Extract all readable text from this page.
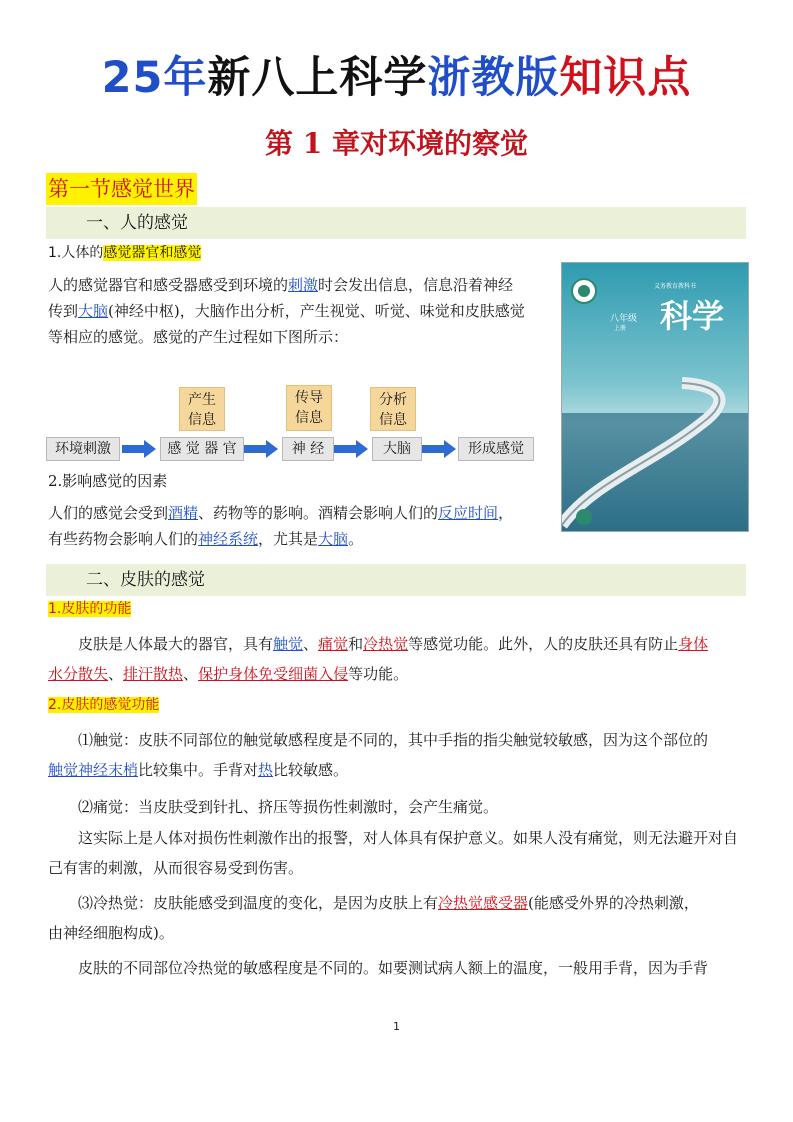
25年新八上科学浙教版知识点
第 1 章对环境的察觉
第一节感觉世界
一、人的感觉
1.人体的感觉器官和感觉
人的感觉器官和感受器感受到环境的刺激时会发出信息，信息沿着神经
传到大脑(神经中枢)，大脑作出分析，产生视觉、听觉、味觉和皮肤感觉
等相应的感觉。感觉的产生过程如下图所示：
产生
信息
传导
信息
分析
信息
环境刺激	感 觉 器 官	神 经	大脑	形成感觉
2.影响感觉的因素
人们的感觉会受到酒精、药物等的影响。酒精会影响人们的反应时间，
有些药物会影响人们的神经系统，尤其是大脑。
义务教育教科书
科学
八年级
上册
二、皮肤的感觉
1.皮肤的功能
皮肤是人体最大的器官，具有触觉、痛觉和冷热觉等感觉功能。此外，人的皮肤还具有防止身体
水分散失、排汗散热、保护身体免受细菌入侵等功能。
2.皮肤的感觉功能
⑴触觉：皮肤不同部位的触觉敏感程度是不同的，其中手指的指尖触觉较敏感，因为这个部位的
触觉神经末梢比较集中。手背对热比较敏感。
⑵痛觉：当皮肤受到针扎、挤压等损伤性刺激时，会产生痛觉。
这实际上是人体对损伤性刺激作出的报警，对人体具有保护意义。如果人没有痛觉，则无法避开对自己有害的刺激，从而很容易受到伤害。
⑶冷热觉：皮肤能感受到温度的变化，是因为皮肤上有冷热觉感受器(能感受外界的冷热刺激，
由神经细胞构成)。
皮肤的不同部位冷热觉的敏感程度是不同的。如要测试病人额上的温度，一般用手背，因为手背
1
